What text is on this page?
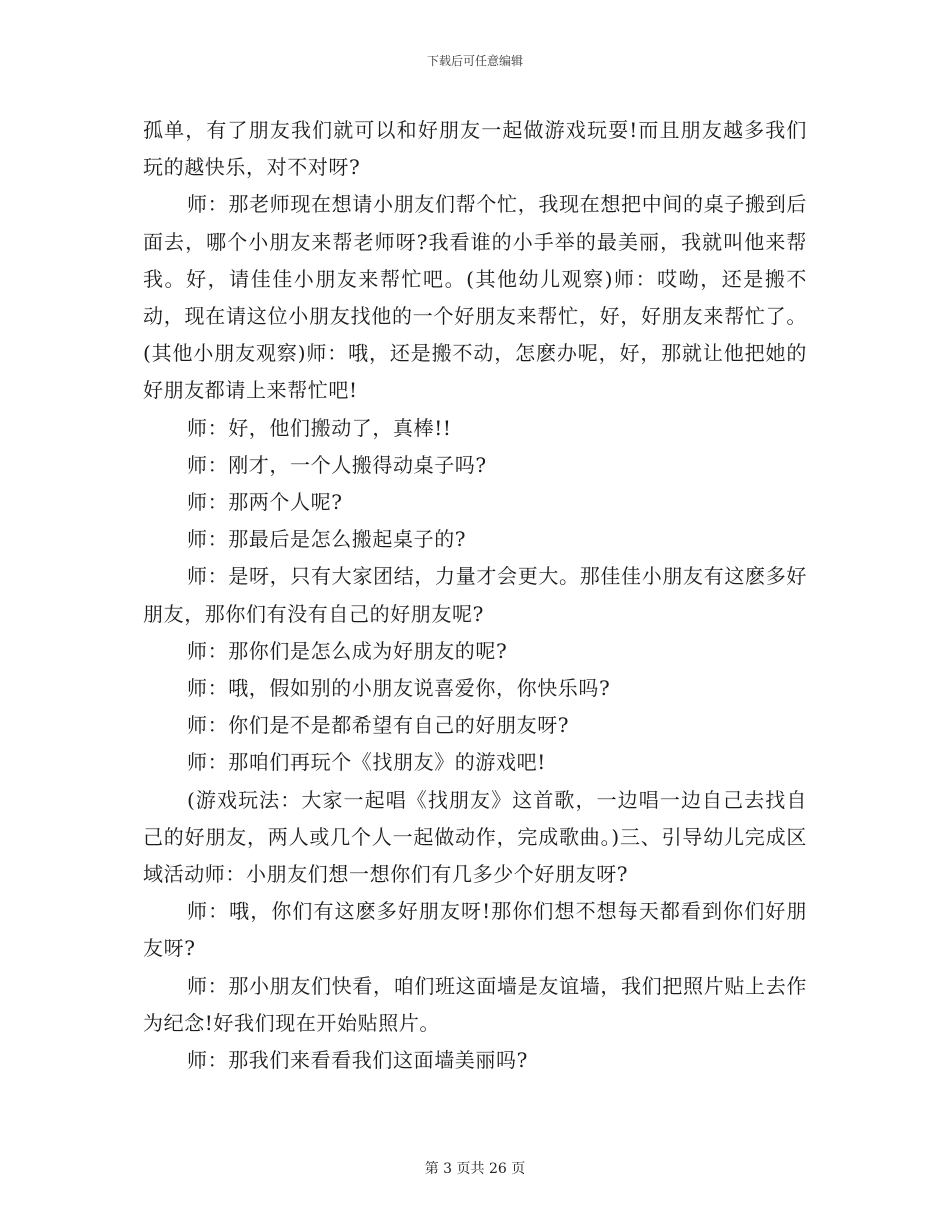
下载后可任意编辑

孤单，有了朋友我们就可以和好朋友一起做游戏玩耍!而且朋友越多我们玩的越快乐，对不对呀?

师：那老师现在想请小朋友们帮个忙，我现在想把中间的桌子搬到后面去，哪个小朋友来帮老师呀?我看谁的小手举的最美丽，我就叫他来帮我。好，请佳佳小朋友来帮忙吧。(其他幼儿观察)师：哎呦，还是搬不动，现在请这位小朋友找他的一个好朋友来帮忙，好，好朋友来帮忙了。(其他小朋友观察)师：哦，还是搬不动，怎麽办呢，好，那就让他把她的好朋友都请上来帮忙吧!

师：好，他们搬动了，真棒!!

师：刚才，一个人搬得动桌子吗?

师：那两个人呢?

师：那最后是怎么搬起桌子的?

师：是呀，只有大家团结，力量才会更大。那佳佳小朋友有这麽多好朋友，那你们有没有自己的好朋友呢?

师：那你们是怎么成为好朋友的呢?

师：哦，假如别的小朋友说喜爱你，你快乐吗?

师：你们是不是都希望有自己的好朋友呀?

师：那咱们再玩个《找朋友》的游戏吧!

(游戏玩法：大家一起唱《找朋友》这首歌，一边唱一边自己去找自己的好朋友，两人或几个人一起做动作，完成歌曲。)三、引导幼儿完成区域活动师：小朋友们想一想你们有几多少个好朋友呀?

师：哦，你们有这麽多好朋友呀!那你们想不想每天都看到你们好朋友呀?

师：那小朋友们快看，咱们班这面墙是友谊墙，我们把照片贴上去作为纪念!好我们现在开始贴照片。

师：那我们来看看我们这面墙美丽吗?

第 3 页共 26 页
